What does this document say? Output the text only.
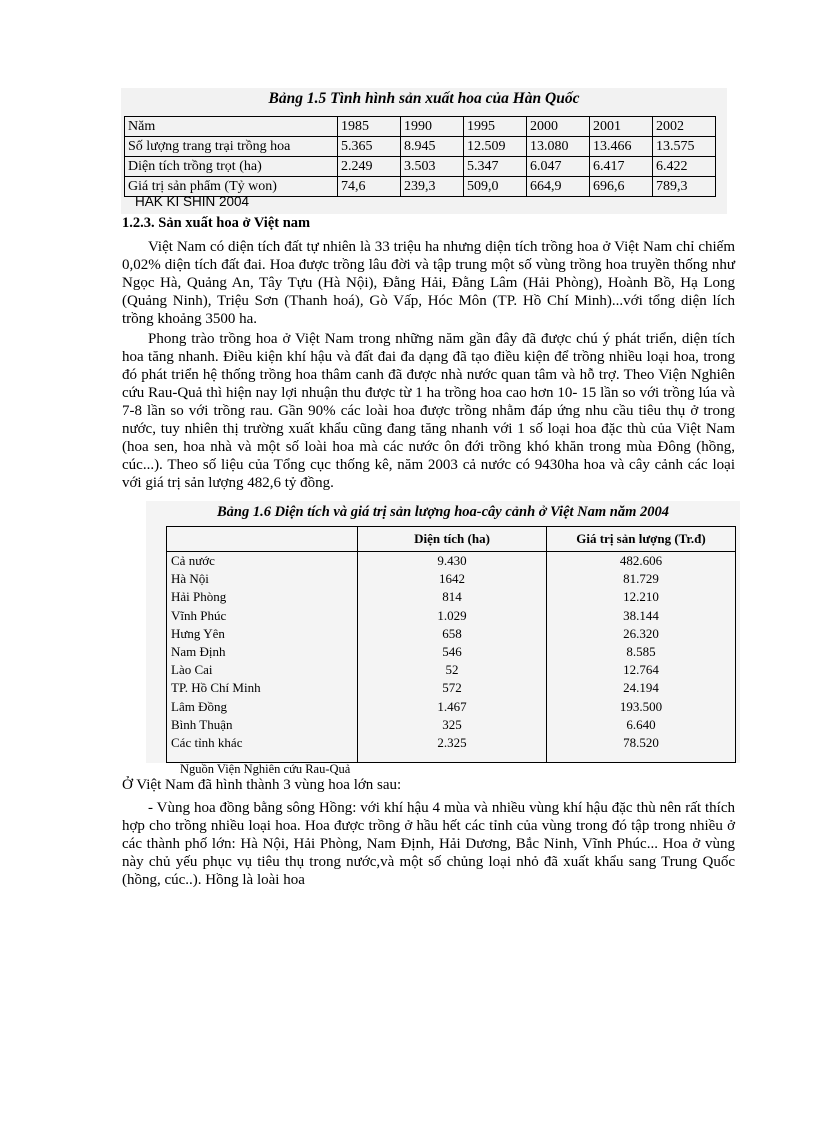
Bảng 1.5 Tình hình sản xuất hoa của Hàn Quốc
Năm	1985	1990	1995	2000	2001	2002
Số lượng trang trại trồng hoa	5.365	8.945	12.509	13.080	13.466	13.575
Diện tích trồng trọt (ha)	2.249	3.503	5.347	6.047	6.417	6.422
Giá trị sản phẩm (Tỷ won)	74,6	239,3	509,0	664,9	696,6	789,3
HAK KI SHIN 2004
1.2.3. Sản xuất hoa ở Việt nam

Việt Nam có diện tích đất tự nhiên là 33 triệu ha nhưng diện tích trồng hoa ở Việt Nam chỉ chiếm 0,02% diện tích đất đai. Hoa được trồng lâu đời và tập trung một số vùng trồng hoa truyền thống như Ngọc Hà, Quảng An, Tây Tựu (Hà Nội), Đằng Hải, Đằng Lâm (Hải Phòng), Hoành Bồ, Hạ Long (Quảng Ninh), Triệu Sơn (Thanh hoá), Gò Vấp, Hóc Môn (TP. Hồ Chí Minh)...với tổng diện lích trồng khoảng 3500 ha.

Phong trào trồng hoa ở Việt Nam trong những năm gần đây đã được chú ý phát triển, diện tích hoa tăng nhanh. Điều kiện khí hậu và đất đai đa dạng đã tạo điều kiện để trồng nhiều loại hoa, trong đó phát triển hệ thống trồng hoa thâm canh đã được nhà nước quan tâm và hỗ trợ. Theo Viện Nghiên cứu Rau-Quả thì hiện nay lợi nhuận thu được từ 1 ha trồng hoa cao hơn 10- 15 lần so với trồng lúa và 7-8 lần so với trồng rau. Gần 90% các loài hoa được trồng nhằm đáp ứng nhu cầu tiêu thụ ở trong nước, tuy nhiên thị trường xuất khẩu cũng đang tăng nhanh với 1 số loại hoa đặc thù của Việt Nam (hoa sen, hoa nhà và một số loài hoa mà các nước ôn đới trồng khó khăn trong mùa Đông (hồng, cúc...). Theo số liệu của Tổng cục thống kê, năm 2003 cả nước có 9430ha hoa và cây cảnh các loại với giá trị sản lượng 482,6 tỷ đồng.

Bảng 1.6 Diện tích và giá trị sản lượng hoa-cây cảnh ở Việt Nam năm 2004
	Diện tích (ha)	Giá trị sản lượng (Tr.đ)
Cả nước	9.430	482.606
Hà Nội	1642	81.729
Hải Phòng	814	12.210
Vĩnh Phúc	1.029	38.144
Hưng Yên	658	26.320
Nam Định	546	8.585
Lào Cai	52	12.764
TP. Hồ Chí Minh	572	24.194
Lâm Đồng	1.467	193.500
Bình Thuận	325	6.640
Các tỉnh khác	2.325	78.520
Nguồn Viện Nghiên cứu Rau-Quả
Ở Việt Nam đã hình thành 3 vùng hoa lớn sau:

- Vùng hoa đồng bằng sông Hồng: với khí hậu 4 mùa và nhiều vùng khí hậu đặc thù nên rất thích hợp cho trồng nhiều loại hoa. Hoa được trồng ở hầu hết các tỉnh của vùng trong đó tập trong nhiều ở các thành phố lớn: Hà Nội, Hải Phòng, Nam Định, Hải Dương, Bắc Ninh, Vĩnh Phúc... Hoa ở vùng này chủ yếu phục vụ tiêu thụ trong nước,và một số chủng loại nhỏ đã xuất khẩu sang Trung Quốc (hồng, cúc..). Hồng là loài hoa
